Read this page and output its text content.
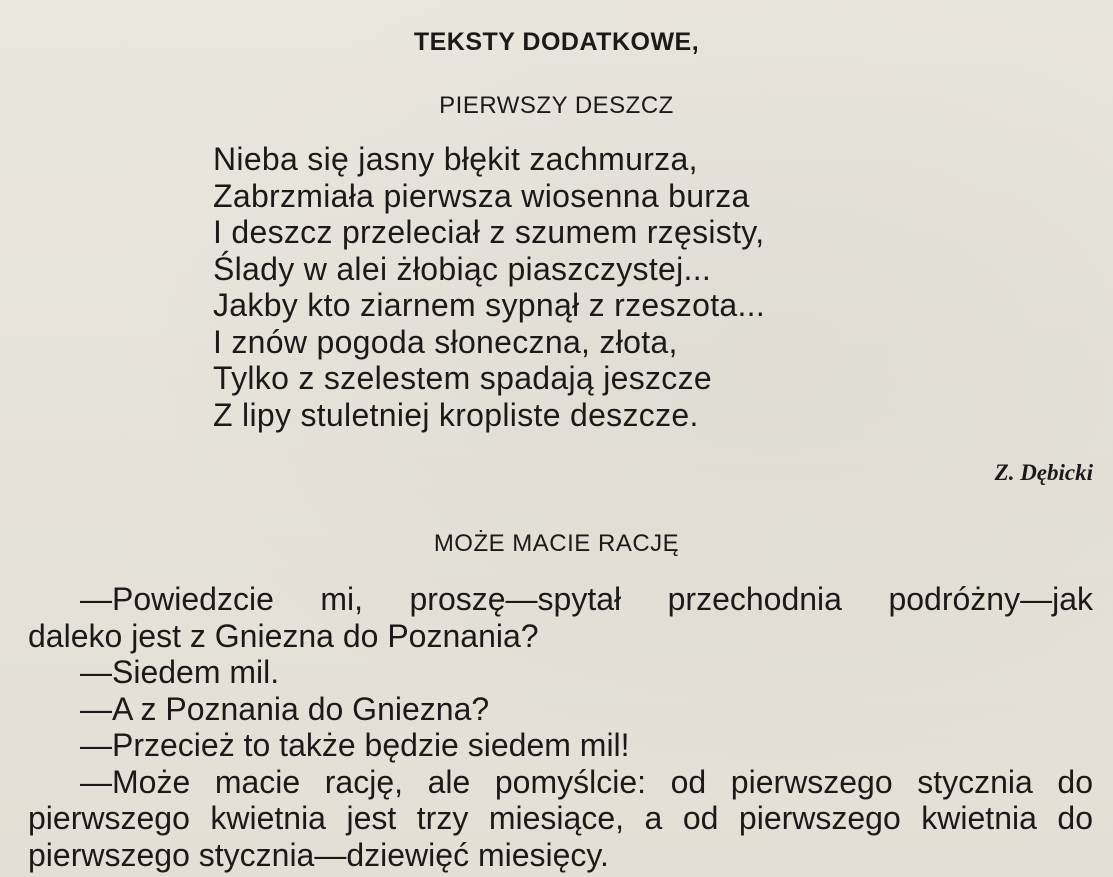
TEKSTY DODATKOWE,
PIERWSZY DESZCZ
Nieba się jasny błękit zachmurza,
Zabrzmiała pierwsza wiosenna burza
I deszcz przeleciał z szumem rzęsisty,
Ślady w alei żłobiąc piaszczystej...
Jakby kto ziarnem sypnął z rzeszota...
I znów pogoda słoneczna, złota,
Tylko z szelestem spadają jeszcze
Z lipy stuletniej kropliste deszcze.
Z. Dębicki
MOŻE MACIE RACJĘ
—Powiedzcie mi, proszę—spytał przechodnia podróżny—jak
daleko jest z Gniezna do Poznania?
—Siedem mil.
—A z Poznania do Gniezna?
—Przecież to także będzie siedem mil!
—Może macie rację, ale pomyślcie: od pierwszego stycznia do
pierwszego kwietnia jest trzy miesiące, a od pierwszego kwietnia do
pierwszego stycznia—dziewięć miesięcy.
